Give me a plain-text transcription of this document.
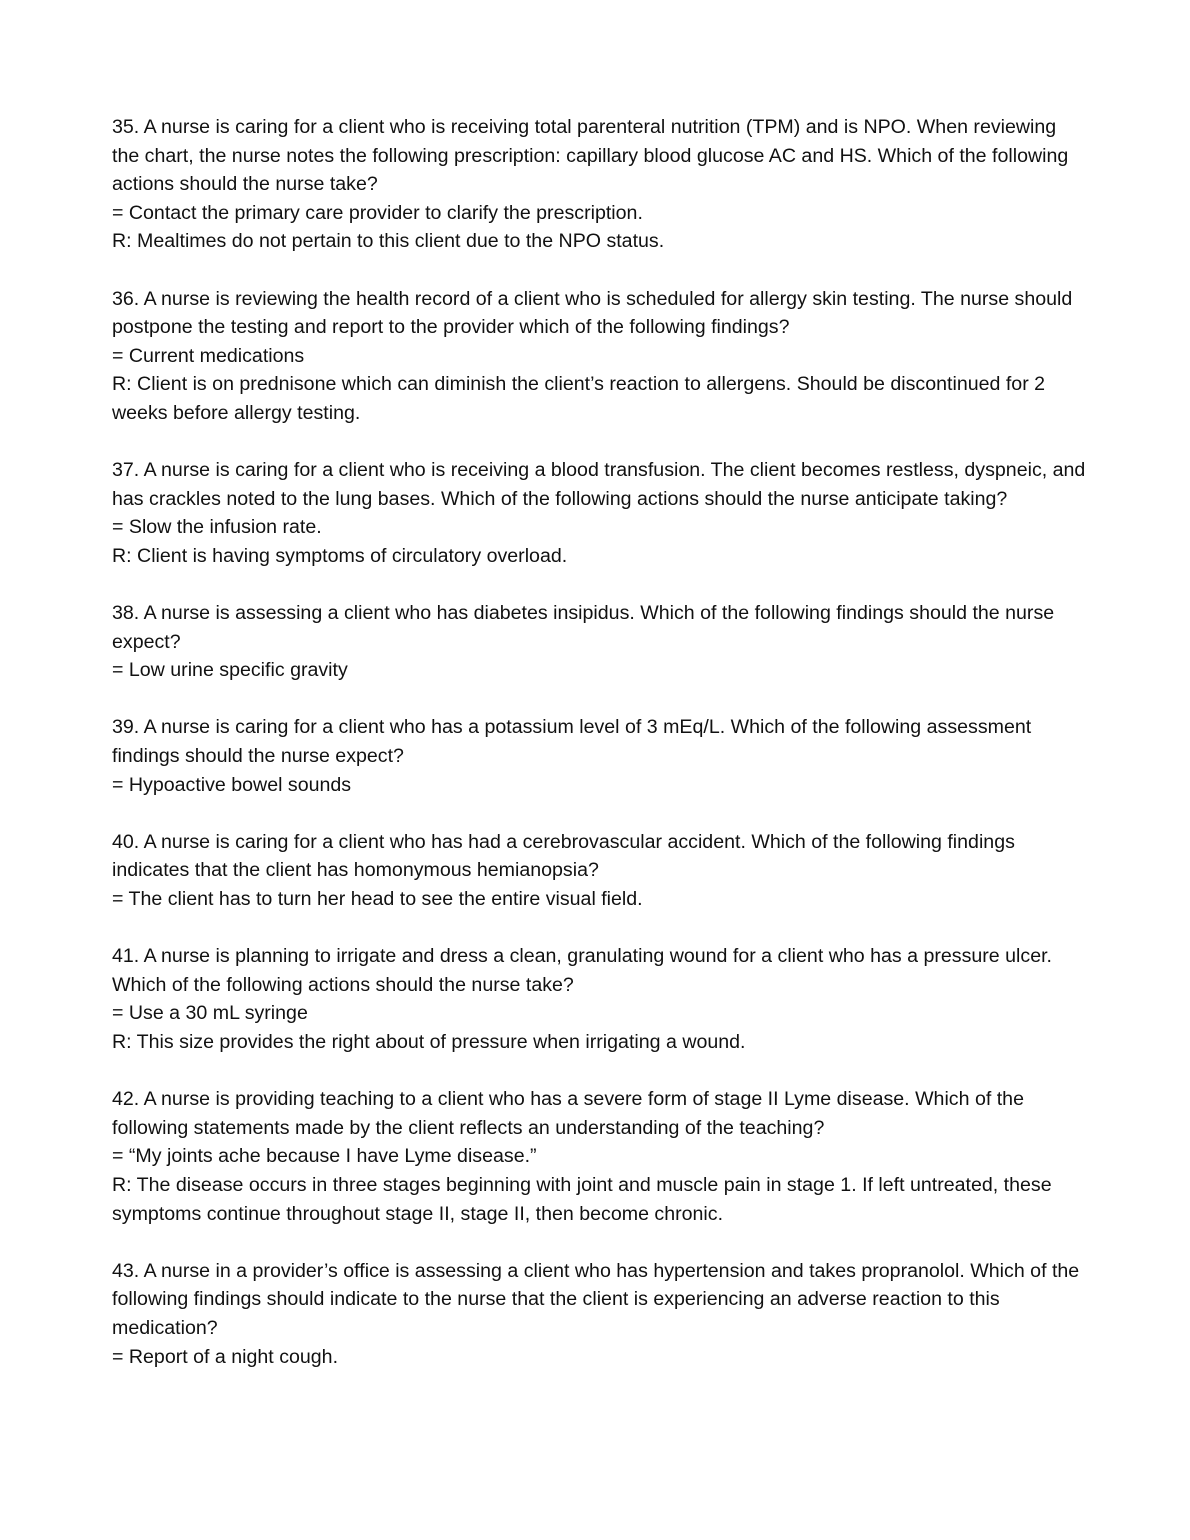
35. A nurse is caring for a client who is receiving total parenteral nutrition (TPM) and is NPO. When reviewing the chart, the nurse notes the following prescription: capillary blood glucose AC and HS. Which of the following actions should the nurse take?

= Contact the primary care provider to clarify the prescription.

R: Mealtimes do not pertain to this client due to the NPO status.

36. A nurse is reviewing the health record of a client who is scheduled for allergy skin testing. The nurse should postpone the testing and report to the provider which of the following findings?

= Current medications

R: Client is on prednisone which can diminish the client’s reaction to allergens. Should be discontinued for 2 weeks before allergy testing.

37. A nurse is caring for a client who is receiving a blood transfusion. The client becomes restless, dyspneic, and has crackles noted to the lung bases. Which of the following actions should the nurse anticipate taking?

= Slow the infusion rate.

R: Client is having symptoms of circulatory overload.

38. A nurse is assessing a client who has diabetes insipidus. Which of the following findings should the nurse expect?

= Low urine specific gravity

39. A nurse is caring for a client who has a potassium level of 3 mEq/L. Which of the following assessment findings should the nurse expect?

= Hypoactive bowel sounds

40. A nurse is caring for a client who has had a cerebrovascular accident. Which of the following findings indicates that the client has homonymous hemianopsia?

= The client has to turn her head to see the entire visual field.

41. A nurse is planning to irrigate and dress a clean, granulating wound for a client who has a pressure ulcer. Which of the following actions should the nurse take?

= Use a 30 mL syringe

R: This size provides the right about of pressure when irrigating a wound.

42. A nurse is providing teaching to a client who has a severe form of stage II Lyme disease. Which of the following statements made by the client reflects an understanding of the teaching?

= “My joints ache because I have Lyme disease.”

R: The disease occurs in three stages beginning with joint and muscle pain in stage 1. If left untreated, these symptoms continue throughout stage II, stage II, then become chronic.

43. A nurse in a provider’s office is assessing a client who has hypertension and takes propranolol. Which of the following findings should indicate to the nurse that the client is experiencing an adverse reaction to this medication?

= Report of a night cough.
